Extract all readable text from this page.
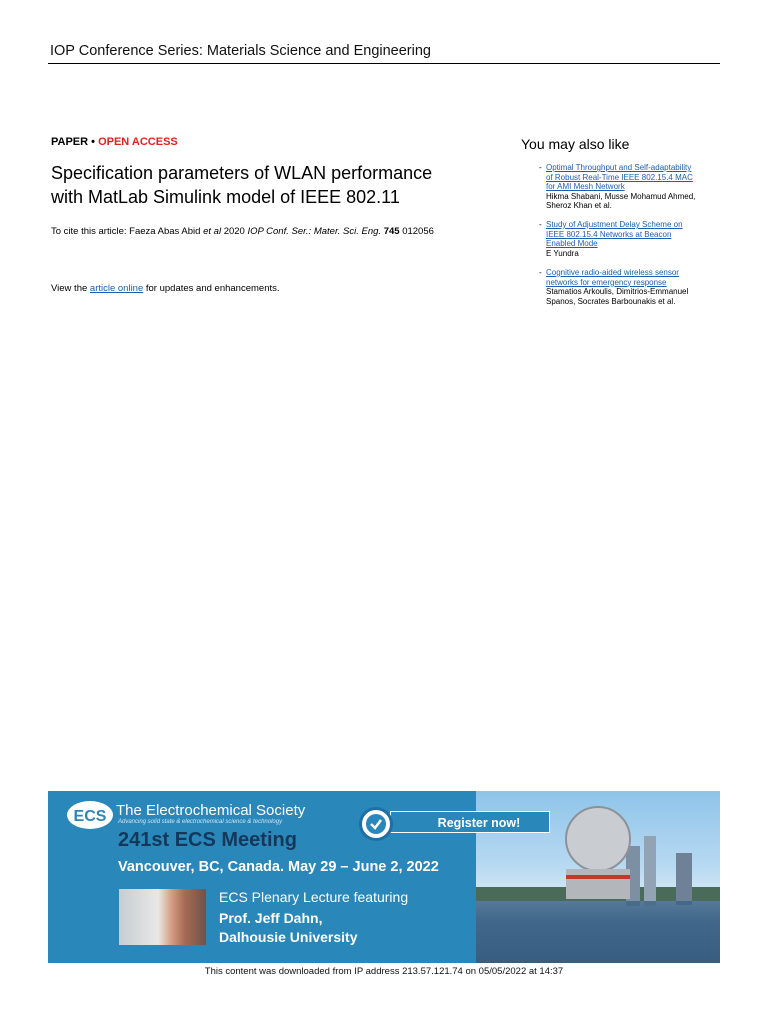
IOP Conference Series: Materials Science and Engineering
PAPER • OPEN ACCESS
Specification parameters of WLAN performance
with MatLab Simulink model of IEEE 802.11
To cite this article: Faeza Abas Abid et al 2020 IOP Conf. Ser.: Mater. Sci. Eng. 745 012056
View the article online for updates and enhancements.
You may also like
- Optimal Throughput and Self-adaptability
of Robust Real-Time IEEE 802.15.4 MAC
for AMI Mesh Network
Hikma Shabani, Musse Mohamud Ahmed,
Sheroz Khan et al.
- Study of Adjustment Delay Scheme on
IEEE 802.15.4 Networks at Beacon
Enabled Mode
E Yundra
- Cognitive radio-aided wireless sensor
networks for emergency response
Stamatios Arkoulis, Dimitrios-Emmanuel
Spanos, Socrates Barbounakis et al.
ECS The Electrochemical Society
Advancing solid state & electrochemical science & technology
241st ECS Meeting
Vancouver, BC, Canada. May 29 – June 2, 2022
Register now!
ECS Plenary Lecture featuring
Prof. Jeff Dahn,
Dalhousie University
This content was downloaded from IP address 213.57.121.74 on 05/05/2022 at 14:37
